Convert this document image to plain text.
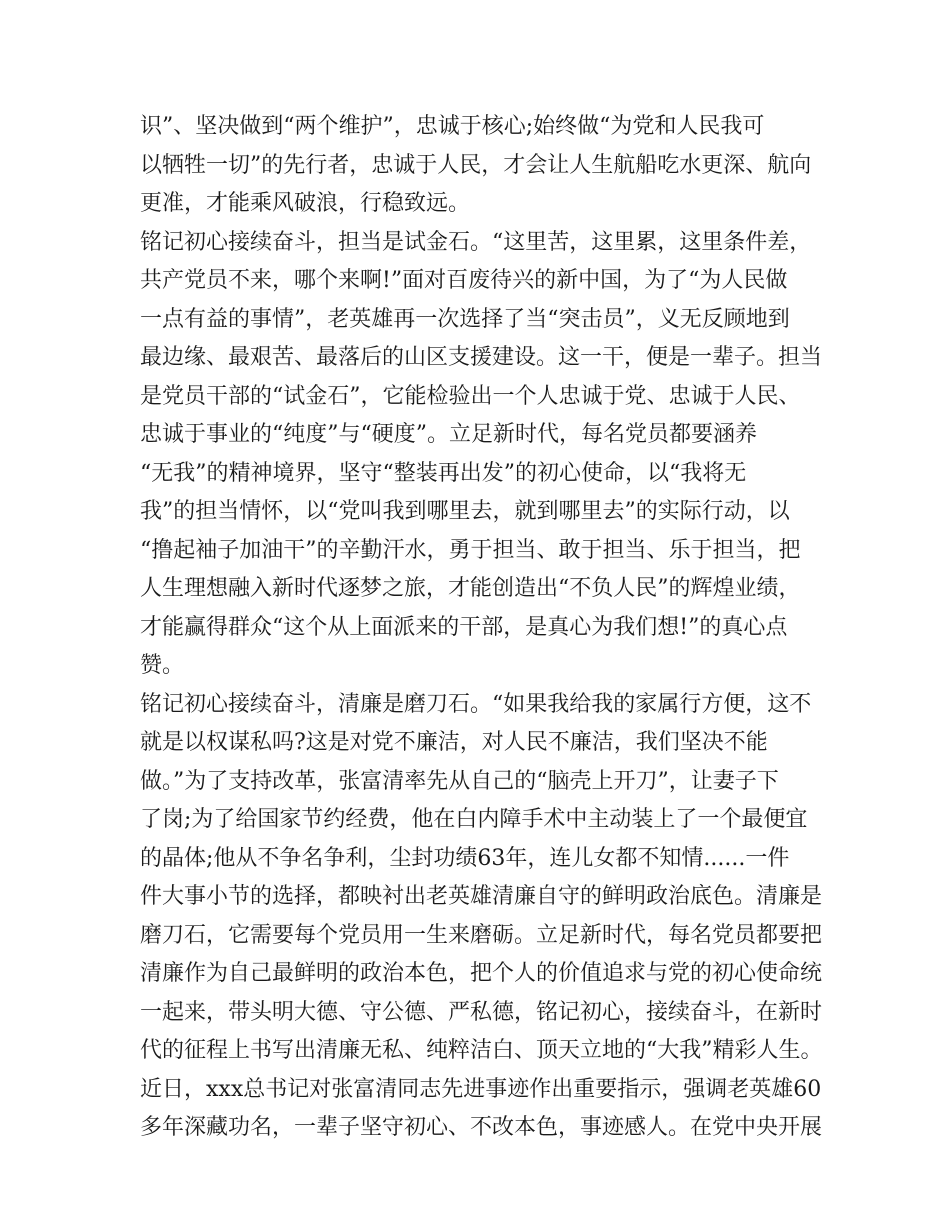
识”、坚决做到“两个维护”，忠诚于核心;始终做“为党和人民我可
以牺牲一切”的先行者，忠诚于人民，才会让人生航船吃水更深、航向
更准，才能乘风破浪，行稳致远。
铭记初心接续奋斗，担当是试金石。“这里苦，这里累，这里条件差，
共产党员不来，哪个来啊!”面对百废待兴的新中国，为了“为人民做
一点有益的事情”，老英雄再一次选择了当“突击员”，义无反顾地到
最边缘、最艰苦、最落后的山区支援建设。这一干，便是一辈子。担当
是党员干部的“试金石”，它能检验出一个人忠诚于党、忠诚于人民、
忠诚于事业的“纯度”与“硬度”。立足新时代，每名党员都要涵养
“无我”的精神境界，坚守“整装再出发”的初心使命，以“我将无
我”的担当情怀，以“党叫我到哪里去，就到哪里去”的实际行动，以
“撸起袖子加油干”的辛勤汗水，勇于担当、敢于担当、乐于担当，把
人生理想融入新时代逐梦之旅，才能创造出“不负人民”的辉煌业绩，
才能赢得群众“这个从上面派来的干部，是真心为我们想!”的真心点
赞。
铭记初心接续奋斗，清廉是磨刀石。“如果我给我的家属行方便，这不
就是以权谋私吗?这是对党不廉洁，对人民不廉洁，我们坚决不能
做。”为了支持改革，张富清率先从自己的“脑壳上开刀”，让妻子下
了岗;为了给国家节约经费，他在白内障手术中主动装上了一个最便宜
的晶体;他从不争名争利，尘封功绩63年，连儿女都不知情......一件
件大事小节的选择，都映衬出老英雄清廉自守的鲜明政治底色。清廉是
磨刀石，它需要每个党员用一生来磨砺。立足新时代，每名党员都要把
清廉作为自己最鲜明的政治本色，把个人的价值追求与党的初心使命统
一起来，带头明大德、守公德、严私德，铭记初心，接续奋斗，在新时
代的征程上书写出清廉无私、纯粹洁白、顶天立地的“大我”精彩人生。
近日，xxx总书记对张富清同志先进事迹作出重要指示，强调老英雄60
多年深藏功名，一辈子坚守初心、不改本色，事迹感人。在党中央开展
